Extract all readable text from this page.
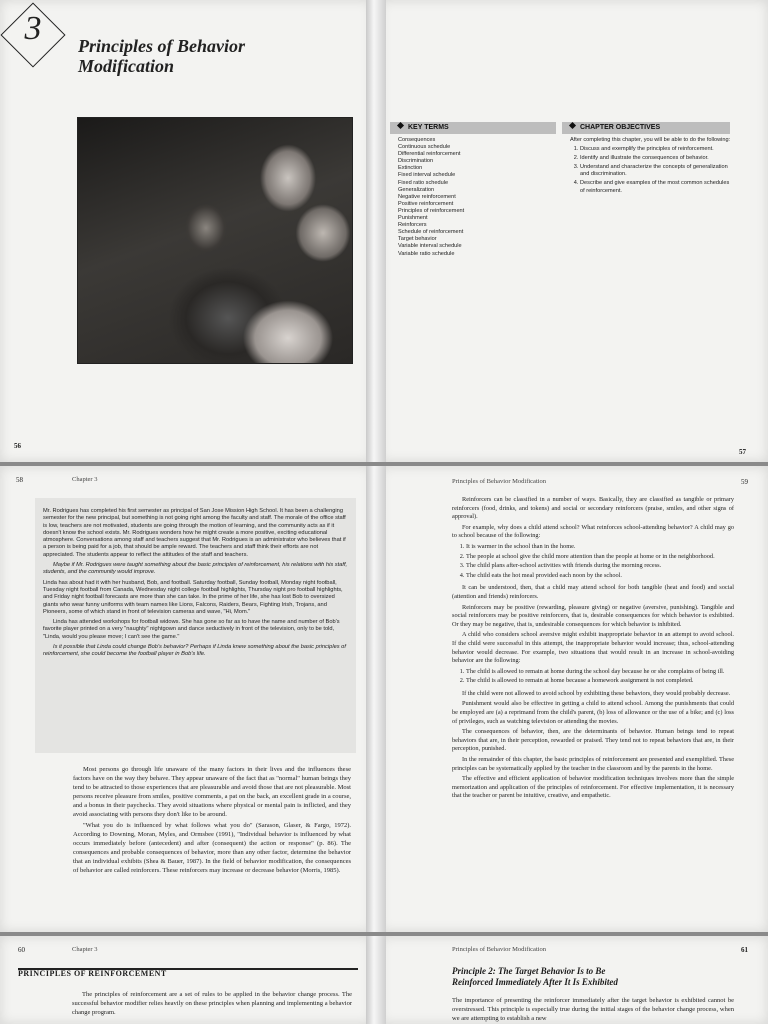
3 Principles of Behavior
Modification
56
KEY TERMS
Consequences
Continuous schedule
Differential reinforcement
Discrimination
Extinction
Fixed interval schedule
Fixed ratio schedule
Generalization
Negative reinforcement
Positive reinforcement
Principles of reinforcement
Punishment
Reinforcers
Schedule of reinforcement
Target behavior
Variable interval schedule
Variable ratio schedule
CHAPTER OBJECTIVES
After completing this chapter, you will be able to do the following:
1. Discuss and exemplify the principles of reinforcement.
2. Identify and illustrate the consequences of behavior.
3. Understand and characterize the concepts of generalization and discrimination.
4. Describe and give examples of the most common schedules of reinforcement.
57
58	Chapter 3

Mr. Rodrigues has completed his first semester as principal of San Jose Mission High School. It has been a challenging semester for the new principal, but something is not going right among the faculty and staff. The morale of the office staff is low, teachers are not motivated, students are going through the motion of learning, and the community acts as if it doesn't know the school exists. Mr. Rodrigues wonders how he might create a more positive, exciting educational atmosphere. Conversations among staff and teachers suggest that Mr. Rodrigues is an administrator who believes that if a person is being paid for a job, that should be ample reward. The teachers and staff think their efforts are not appreciated. The students appear to reflect the attitudes of the staff and teachers.

Maybe if Mr. Rodrigues were taught something about the basic principles of reinforcement, his relations with his staff, students, and the community would improve.

Linda has about had it with her husband, Bob, and football. Saturday football, Sunday football, Monday night football, Tuesday night football from Canada, Wednesday night college football highlights, Thursday night pro football highlights, and Friday night football forecasts are more than she can take. In the prime of her life, she has lost Bob to oversized giants who wear funny uniforms with team names like Lions, Falcons, Raiders, Bears, Fighting Irish, Trojans, and Pioneers, some of which stand in front of television cameras and wave, "Hi, Mom."

Linda has attended workshops for football widows. She has gone so far as to have the name and number of Bob's favorite player printed on a very "naughty" nightgown and dance seductively in front of the television, only to be told, "Linda, would you please move; I can't see the game."

Is it possible that Linda could change Bob's behavior? Perhaps if Linda knew something about the basic principles of reinforcement, she could become the football player in Bob's life.

Most persons go through life unaware of the many factors in their lives and the influences these factors have on the way they behave. They appear unaware of the fact that as "normal" human beings they tend to be attracted to those experiences that are pleasurable and avoid those that are not pleasurable. Most persons receive pleasure from smiles, positive comments, a pat on the back, an excellent grade in a course, and a bonus in their paychecks. They avoid situations where physical or mental pain is inflicted, and they avoid associating with persons they don't like to be around.

"What you do is influenced by what follows what you do" (Sarason, Glaser, & Fargo, 1972). According to Downing, Moran, Myles, and Ormsbee (1991), "Individual behavior is influenced by what occurs immediately before (antecedent) and after (consequent) the action or response" (p. 86). The consequences and probable consequences of behavior, more than any other factor, determine the behavior that an individual exhibits (Shea & Bauer, 1987). In the field of behavior modification, the consequences of behavior are called reinforcers. These reinforcers may increase or decrease behavior (Morris, 1985).

Principles of Behavior Modification	59

Reinforcers can be classified in a number of ways. Basically, they are classified as tangible or primary reinforcers (food, drinks, and tokens) and social or secondary reinforcers (praise, smiles, and other signs of approval).

For example, why does a child attend school? What reinforces school-attending behavior? A child may go to school because of the following:

1. It is warmer in the school than in the home.
2. The people at school give the child more attention than the people at home or in the neighborhood.
3. The child plans after-school activities with friends during the morning recess.
4. The child eats the hot meal provided each noon by the school.

It can be understood, then, that a child may attend school for both tangible (heat and food) and social (attention and friends) reinforcers.

Reinforcers may be positive (rewarding, pleasure giving) or negative (aversive, punishing). Tangible and social reinforcers may be positive reinforcers, that is, desirable consequences for which behavior is exhibited. Or they may be negative, that is, undesirable consequences for which behavior is inhibited.

A child who considers school aversive might exhibit inappropriate behavior in an attempt to avoid school. If the child were successful in this attempt, the inappropriate behavior would increase; thus, school-attending behavior would decrease. For example, two situations that would result in an increase in school-avoiding behavior are the following:

1. The child is allowed to remain at home during the school day because he or she complains of being ill.
2. The child is allowed to remain at home because a homework assignment is not completed.

If the child were not allowed to avoid school by exhibiting these behaviors, they would probably decrease.

Punishment would also be effective in getting a child to attend school. Among the punishments that could be employed are (a) a reprimand from the child's parent, (b) loss of allowance or the use of a bike; and (c) loss of privileges, such as watching television or attending the movies.

The consequences of behavior, then, are the determinants of behavior. Human beings tend to repeat behaviors that are, in their perception, rewarded or praised. They tend not to repeat behaviors that are, in their perception, punished.

In the remainder of this chapter, the basic principles of reinforcement are presented and exemplified. These principles can be systematically applied by the teacher in the classroom and by the parents in the home.

The effective and efficient application of behavior modification techniques involves more than the simple memorization and application of the principles of reinforcement. For effective implementation, it is necessary that the teacher or parent be intuitive, creative, and empathetic.

60	Chapter 3
PRINCIPLES OF REINFORCEMENT

The principles of reinforcement are a set of rules to be applied in the behavior change process. The successful behavior modifier relies heavily on these principles when planning and implementing a behavior change program.

Principles of Behavior Modification	61
Principle 2: The Target Behavior Is to Be
Reinforced Immediately After It Is Exhibited

The importance of presenting the reinforcer immediately after the target behavior is exhibited cannot be overstressed. This principle is especially true during the initial stages of the behavior change process, when we are attempting to establish a new
